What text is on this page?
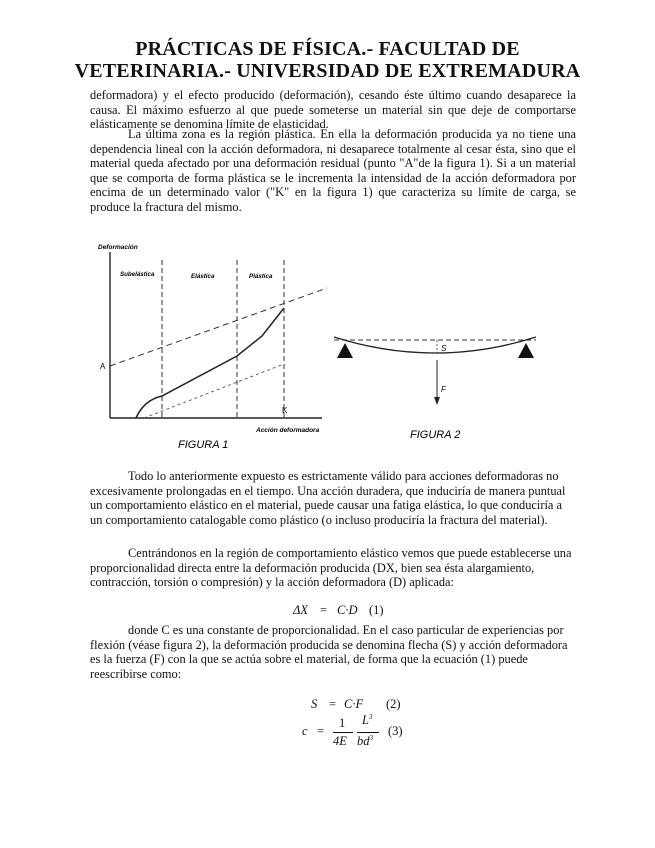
PRÁCTICAS DE FÍSICA.- FACULTAD DE
VETERINARIA.- UNIVERSIDAD DE EXTREMADURA

deformadora) y el efecto producido (deformación), cesando éste último cuando desaparece la causa. El máximo esfuerzo al que puede someterse un material sin que deje de comportarse elásticamente se denomina límite de elasticidad.

La última zona es la región plástica. En ella la deformación producida ya no tiene una dependencia lineal con la acción deformadora, ni desaparece totalmente al cesar ésta, sino que el material queda afectado por una deformación residual (punto "A"de la figura 1). Si a un material que se comporta de forma plástica se le incrementa la intensidad de la acción deformadora por encima de un determinado valor ("K" en la figura 1) que caracteriza su límite de carga, se produce la fractura del mismo.

Deformación
Acción deformadora
Subelástica	Elástica	Plástica
A
K
FIGURA 1
S
F
FIGURA 2

Todo lo anteriormente expuesto es estrictamente válido para acciones deformadoras no excesivamente prolongadas en el tiempo. Una acción duradera, que induciría de manera puntual un comportamiento elástico en el material, puede causar una fatiga elástica, lo que conduciría a un comportamiento catalogable como plástico (o incluso produciría la fractura del material).

Centrándonos en la región de comportamiento elástico vemos que puede establecerse una proporcionalidad directa entre la deformación producida (DX, bien sea ésta alargamiento, contracción, torsión o compresión) y la acción deformadora (D) aplicada:

ΔX = C·D (1)

donde C es una constante de proporcionalidad. En el caso particular de experiencias por flexión (véase figura 2), la deformación producida se denomina flecha (S) y acción deformadora es la fuerza (F) con la que se actúa sobre el material, de forma que la ecuación (1) puede reescribirse como:

S = C·F (2)
c =
1
4E
$L^3$
$bd^3$ (3)
